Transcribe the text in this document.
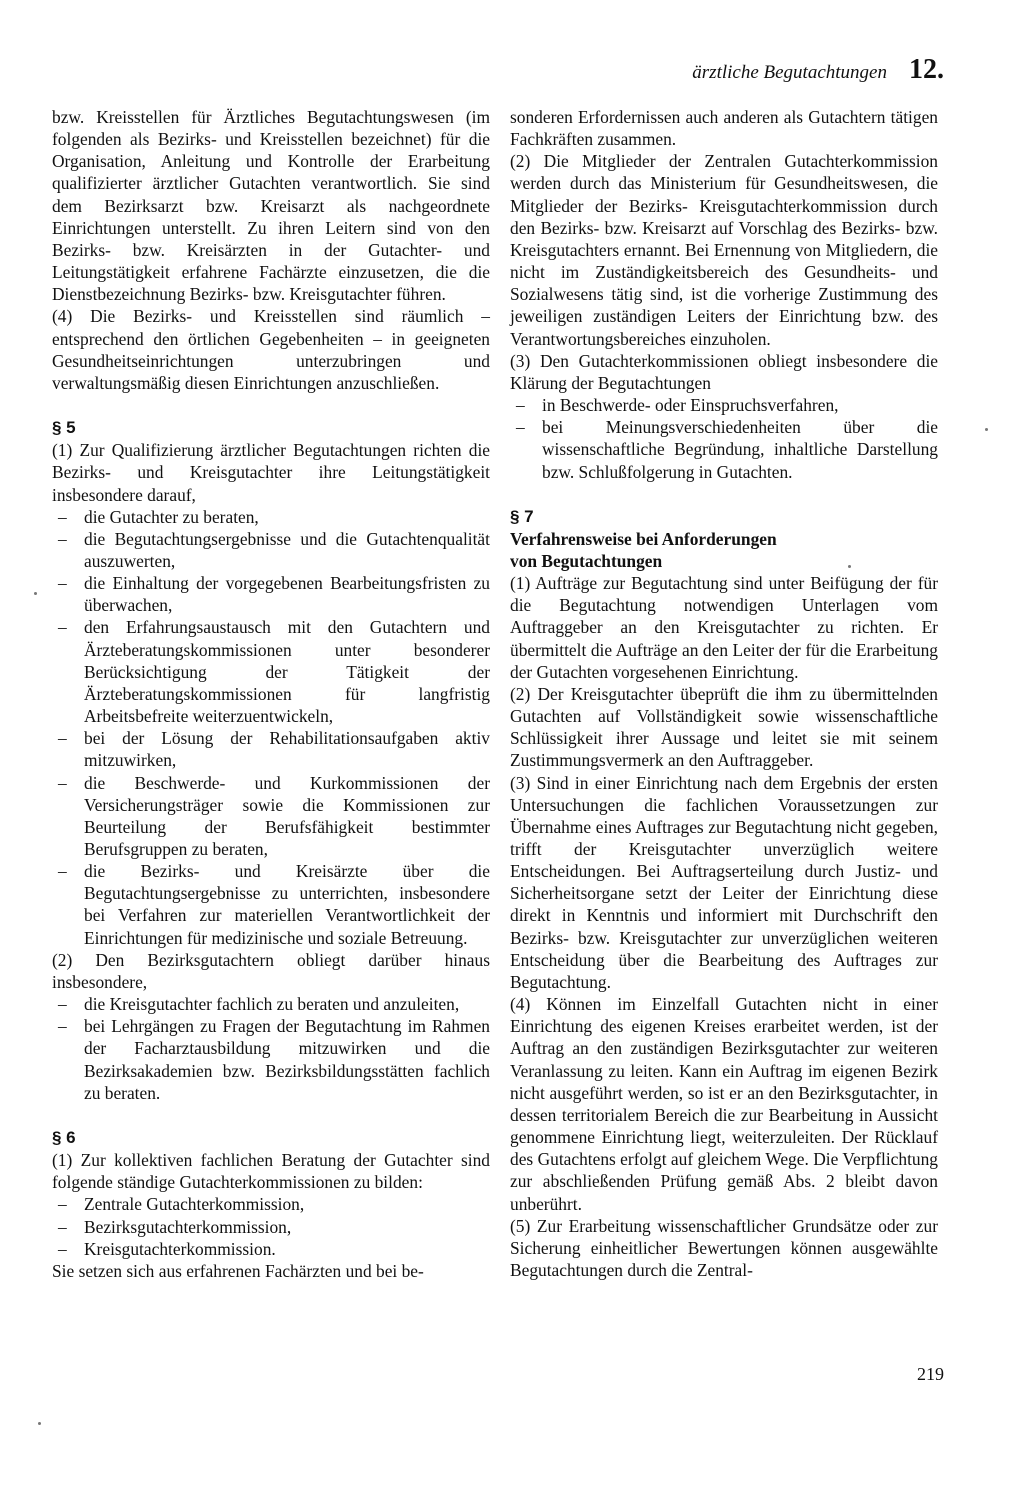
ärztliche Begutachtungen 12.

bzw. Kreisstellen für Ärztliches Begutachtungswesen (im folgenden als Bezirks- und Kreisstellen bezeichnet) für die Organisation, Anleitung und Kontrolle der Erarbeitung qualifizierter ärztlicher Gutachten verantwortlich. Sie sind dem Bezirksarzt bzw. Kreisarzt als nachgeordnete Einrichtungen unterstellt. Zu ihren Leitern sind von den Bezirks- bzw. Kreisärzten in der Gutachter- und Leitungstätigkeit erfahrene Fachärzte einzusetzen, die die Dienstbezeichnung Bezirks- bzw. Kreisgutachter führen.

(4) Die Bezirks- und Kreisstellen sind räumlich – entsprechend den örtlichen Gegebenheiten – in geeigneten Gesundheitseinrichtungen unterzubringen und verwaltungsmäßig diesen Einrichtungen anzuschließen.

§ 5

(1) Zur Qualifizierung ärztlicher Begutachtungen richten die Bezirks- und Kreisgutachter ihre Leitungstätigkeit insbesondere darauf,

– die Gutachter zu beraten,
– die Begutachtungsergebnisse und die Gutachtenqualität auszuwerten,
– die Einhaltung der vorgegebenen Bearbeitungsfristen zu überwachen,
– den Erfahrungsaustausch mit den Gutachtern und Ärzteberatungskommissionen unter besonderer Berücksichtigung der Tätigkeit der Ärzteberatungskommissionen für langfristig Arbeitsbefreite weiterzuentwickeln,
– bei der Lösung der Rehabilitationsaufgaben aktiv mitzuwirken,
– die Beschwerde- und Kurkommissionen der Versicherungsträger sowie die Kommissionen zur Beurteilung der Berufsfähigkeit bestimmter Berufsgruppen zu beraten,
– die Bezirks- und Kreisärzte über die Begutachtungsergebnisse zu unterrichten, insbesondere bei Verfahren zur materiellen Verantwortlichkeit der Einrichtungen für medizinische und soziale Betreuung.

(2) Den Bezirksgutachtern obliegt darüber hinaus insbesondere,

– die Kreisgutachter fachlich zu beraten und anzuleiten,
– bei Lehrgängen zu Fragen der Begutachtung im Rahmen der Facharztausbildung mitzuwirken und die Bezirksakademien bzw. Bezirksbildungsstätten fachlich zu beraten.

§ 6

(1) Zur kollektiven fachlichen Beratung der Gutachter sind folgende ständige Gutachterkommissionen zu bilden:

– Zentrale Gutachterkommission,
– Bezirksgutachterkommission,
– Kreisgutachterkommission.

Sie setzen sich aus erfahrenen Fachärzten und bei be-

sonderen Erfordernissen auch anderen als Gutachtern tätigen Fachkräften zusammen.

(2) Die Mitglieder der Zentralen Gutachterkommission werden durch das Ministerium für Gesundheitswesen, die Mitglieder der Bezirks- Kreisgutachterkommission durch den Bezirks- bzw. Kreisarzt auf Vorschlag des Bezirks- bzw. Kreisgutachters ernannt. Bei Ernennung von Mitgliedern, die nicht im Zuständigkeitsbereich des Gesundheits- und Sozialwesens tätig sind, ist die vorherige Zustimmung des jeweiligen zuständigen Leiters der Einrichtung bzw. des Verantwortungsbereiches einzuholen.

(3) Den Gutachterkommissionen obliegt insbesondere die Klärung der Begutachtungen

– in Beschwerde- oder Einspruchsverfahren,
– bei Meinungsverschiedenheiten über die wissenschaftliche Begründung, inhaltliche Darstellung bzw. Schlußfolgerung in Gutachten.

§ 7

Verfahrensweise bei Anforderungen

von Begutachtungen

(1) Aufträge zur Begutachtung sind unter Beifügung der für die Begutachtung notwendigen Unterlagen vom Auftraggeber an den Kreisgutachter zu richten. Er übermittelt die Aufträge an den Leiter der für die Erarbeitung der Gutachten vorgesehenen Einrichtung.

(2) Der Kreisgutachter übeprüft die ihm zu übermittelnden Gutachten auf Vollständigkeit sowie wissenschaftliche Schlüssigkeit ihrer Aussage und leitet sie mit seinem Zustimmungsvermerk an den Auftraggeber.

(3) Sind in einer Einrichtung nach dem Ergebnis der ersten Untersuchungen die fachlichen Voraussetzungen zur Übernahme eines Auftrages zur Begutachtung nicht gegeben, trifft der Kreisgutachter unverzüglich weitere Entscheidungen. Bei Auftragserteilung durch Justiz- und Sicherheitsorgane setzt der Leiter der Einrichtung diese direkt in Kenntnis und informiert mit Durchschrift den Bezirks- bzw. Kreisgutachter zur unverzüglichen weiteren Entscheidung über die Bearbeitung des Auftrages zur Begutachtung.

(4) Können im Einzelfall Gutachten nicht in einer Einrichtung des eigenen Kreises erarbeitet werden, ist der Auftrag an den zuständigen Bezirksgutachter zur weiteren Veranlassung zu leiten. Kann ein Auftrag im eigenen Bezirk nicht ausgeführt werden, so ist er an den Bezirksgutachter, in dessen territorialem Bereich die zur Bearbeitung in Aussicht genommene Einrichtung liegt, weiterzuleiten. Der Rücklauf des Gutachtens erfolgt auf gleichem Wege. Die Verpflichtung zur abschließenden Prüfung gemäß Abs. 2 bleibt davon unberührt.

(5) Zur Erarbeitung wissenschaftlicher Grundsätze oder zur Sicherung einheitlicher Bewertungen können ausgewählte Begutachtungen durch die Zentral-

219
